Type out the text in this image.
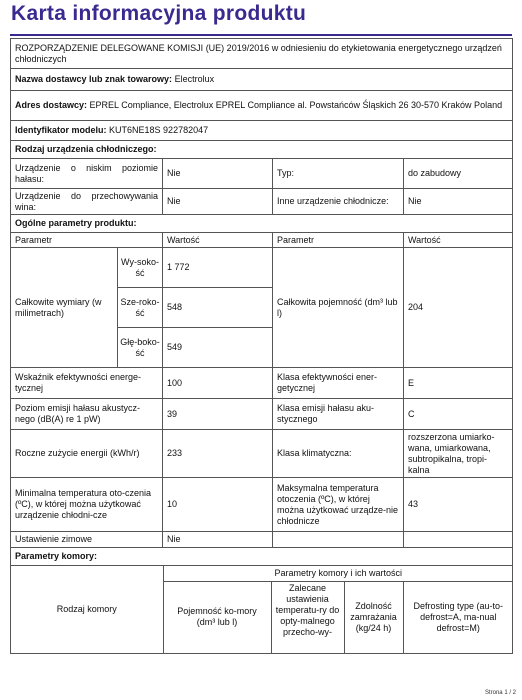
Karta informacyjna produktu
ROZPORZĄDZENIE DELEGOWANE KOMISJI (UE) 2019/2016 w odniesieniu do etykietowania energetycznego urządzeń chłodniczych
Nazwa dostawcy lub znak towarowy: Electrolux
Adres dostawcy: EPREL Compliance, Electrolux EPREL Compliance al. Powstańców Śląskich 26 30-570 Kraków Poland
Identyfikator modelu: KUT6NE18S 922782047
Rodzaj urządzenia chłodniczego:
Urządzenie o niskim poziomie hałasu:	Nie	Typ:	do zabudowy
Urządzenie do przechowywania wina:	Nie	Inne urządzenie chłodnicze:	Nie
Ogólne parametry produktu:
Parametr	Wartość	Parametr	Wartość
Całkowite wymiary (w milimetrach)	Wy-soko-ść	1 772	Całkowita pojemność (dm³ lub l)	204
Sze-roko-ść	548
Głę-boko-ść	549
Wskaźnik efektywności energe-tycznej	100	Klasa efektywności ener-getycznej	E
Poziom emisji hałasu akustycz-nego (dB(A) re 1 pW)	39	Klasa emisji hałasu aku-stycznego	C
Roczne zużycie energii (kWh/r)	233	Klasa klimatyczna:	rozszerzona umiarko-wana, umiarkowana, subtropikalna, tropi-kalna
Minimalna temperatura oto-czenia (ºC), w której można użytkować urządzenie chłodni-cze	10	Maksymalna temperatura otoczenia (ºC), w której można użytkować urządze-nie chłodnicze	43
Ustawienie zimowe	Nie		
Parametry komory:

Rodzaj komory	Parametry komory i ich wartości
Pojemność ko-mory (dm³ lub l)	Zalecane ustawienia temperatu-ry do opty-malnego przecho-wy-	Zdolność zamrażania (kg/24 h)	Defrosting type (au-to-defrost=A, ma-nual defrost=M)
Strona 1 / 2
